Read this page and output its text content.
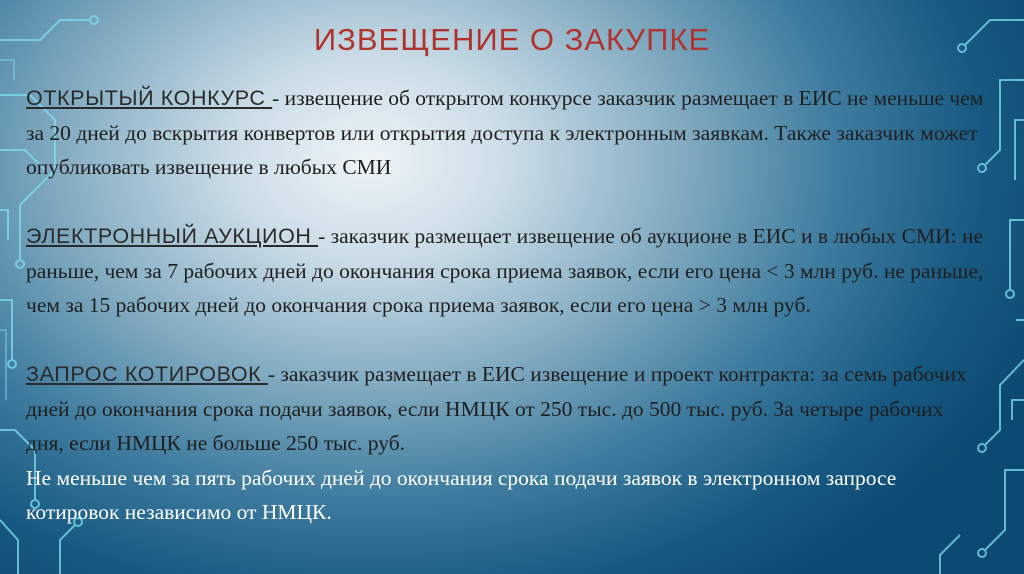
ИЗВЕЩЕНИЕ О ЗАКУПКЕ

ОТКРЫТЫЙ КОНКУРС - извещение об открытом конкурсе заказчик размещает в ЕИС не меньше чем за 20 дней до вскрытия конвертов или открытия доступа к электронным заявкам. Также заказчик может опубликовать извещение в любых СМИ

ЭЛЕКТРОННЫЙ АУКЦИОН - заказчик размещает извещение об аукционе в ЕИС и в любых СМИ: не раньше, чем за 7 рабочих дней до окончания срока приема заявок, если его цена < 3 млн руб. не раньше, чем за 15 рабочих дней до окончания срока приема заявок, если его цена > 3 млн руб.

ЗАПРОС КОТИРОВОК - заказчик размещает в ЕИС извещение и проект контракта: за семь рабочих дней до окончания срока подачи заявок, если НМЦК от 250 тыс. до 500 тыс. руб. За четыре рабочих дня, если НМЦК не больше 250 тыс. руб.
Не меньше чем за пять рабочих дней до окончания срока подачи заявок в электронном запросе котировок независимо от НМЦК.
